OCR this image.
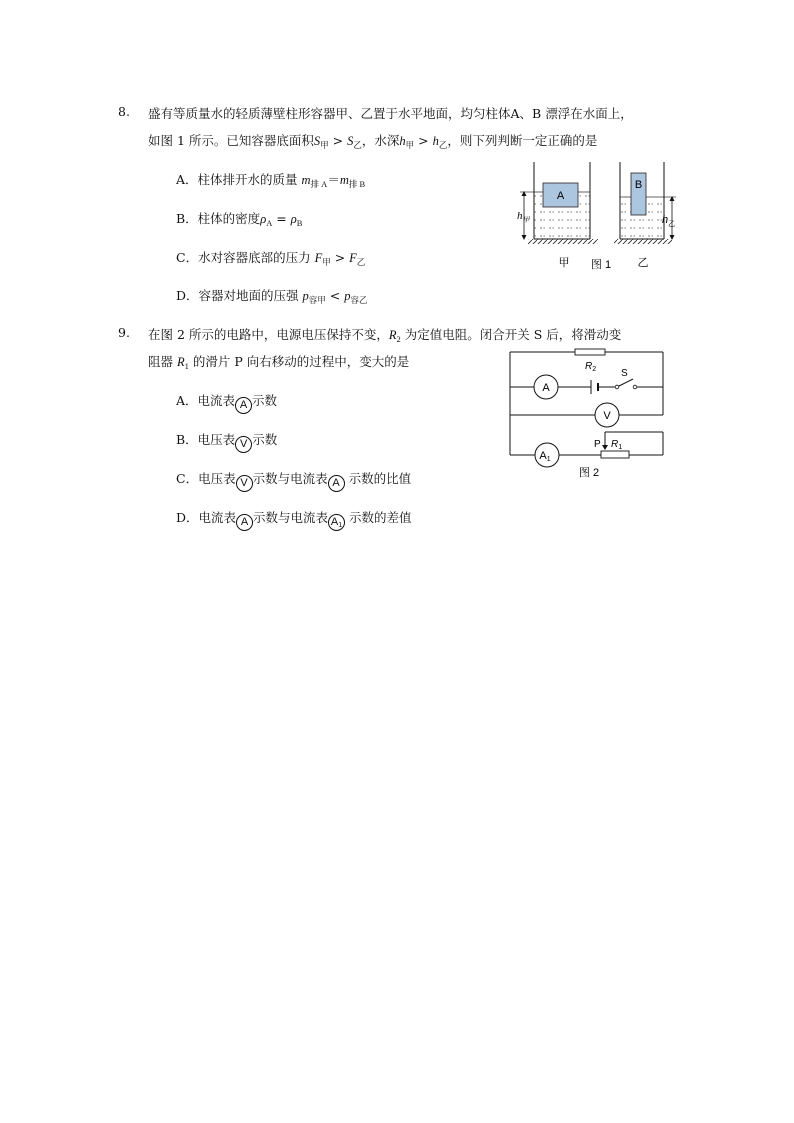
8. 盛有等质量水的轻质薄壁柱形容器甲、乙置于水平地面，均匀柱体A、B 漂浮在水面上，
如图 1 所示。已知容器底面积$S_甲 > S_乙$，水深$h_甲 > h_乙$，则下列判断一定正确的是
A．柱体排开水的质量 $m_{排 A}=m_{排 B}$
B．柱体的密度$\rho_A = \rho_B$
C．水对容器底部的压力 $F_甲 > F_乙$
D．容器对地面的压强 $p_{容甲} < p_{容乙}$
A
$h_甲$
B
$h_乙$
甲 图 1 乙
9. 在图 2 所示的电路中，电源电压保持不变，$R_2$ 为定值电阻。闭合开关 S 后，将滑动变
阻器 $R_1$ 的滑片 P 向右移动的过程中，变大的是
A．电流表 A 示数
B．电压表 V 示数
C．电压表 V 示数与电流表 A 示数的比值
D．电流表 A 示数与电流表 A1 示数的差值
$R_2$ S
A
V
A1
P $R_1$
图 2
